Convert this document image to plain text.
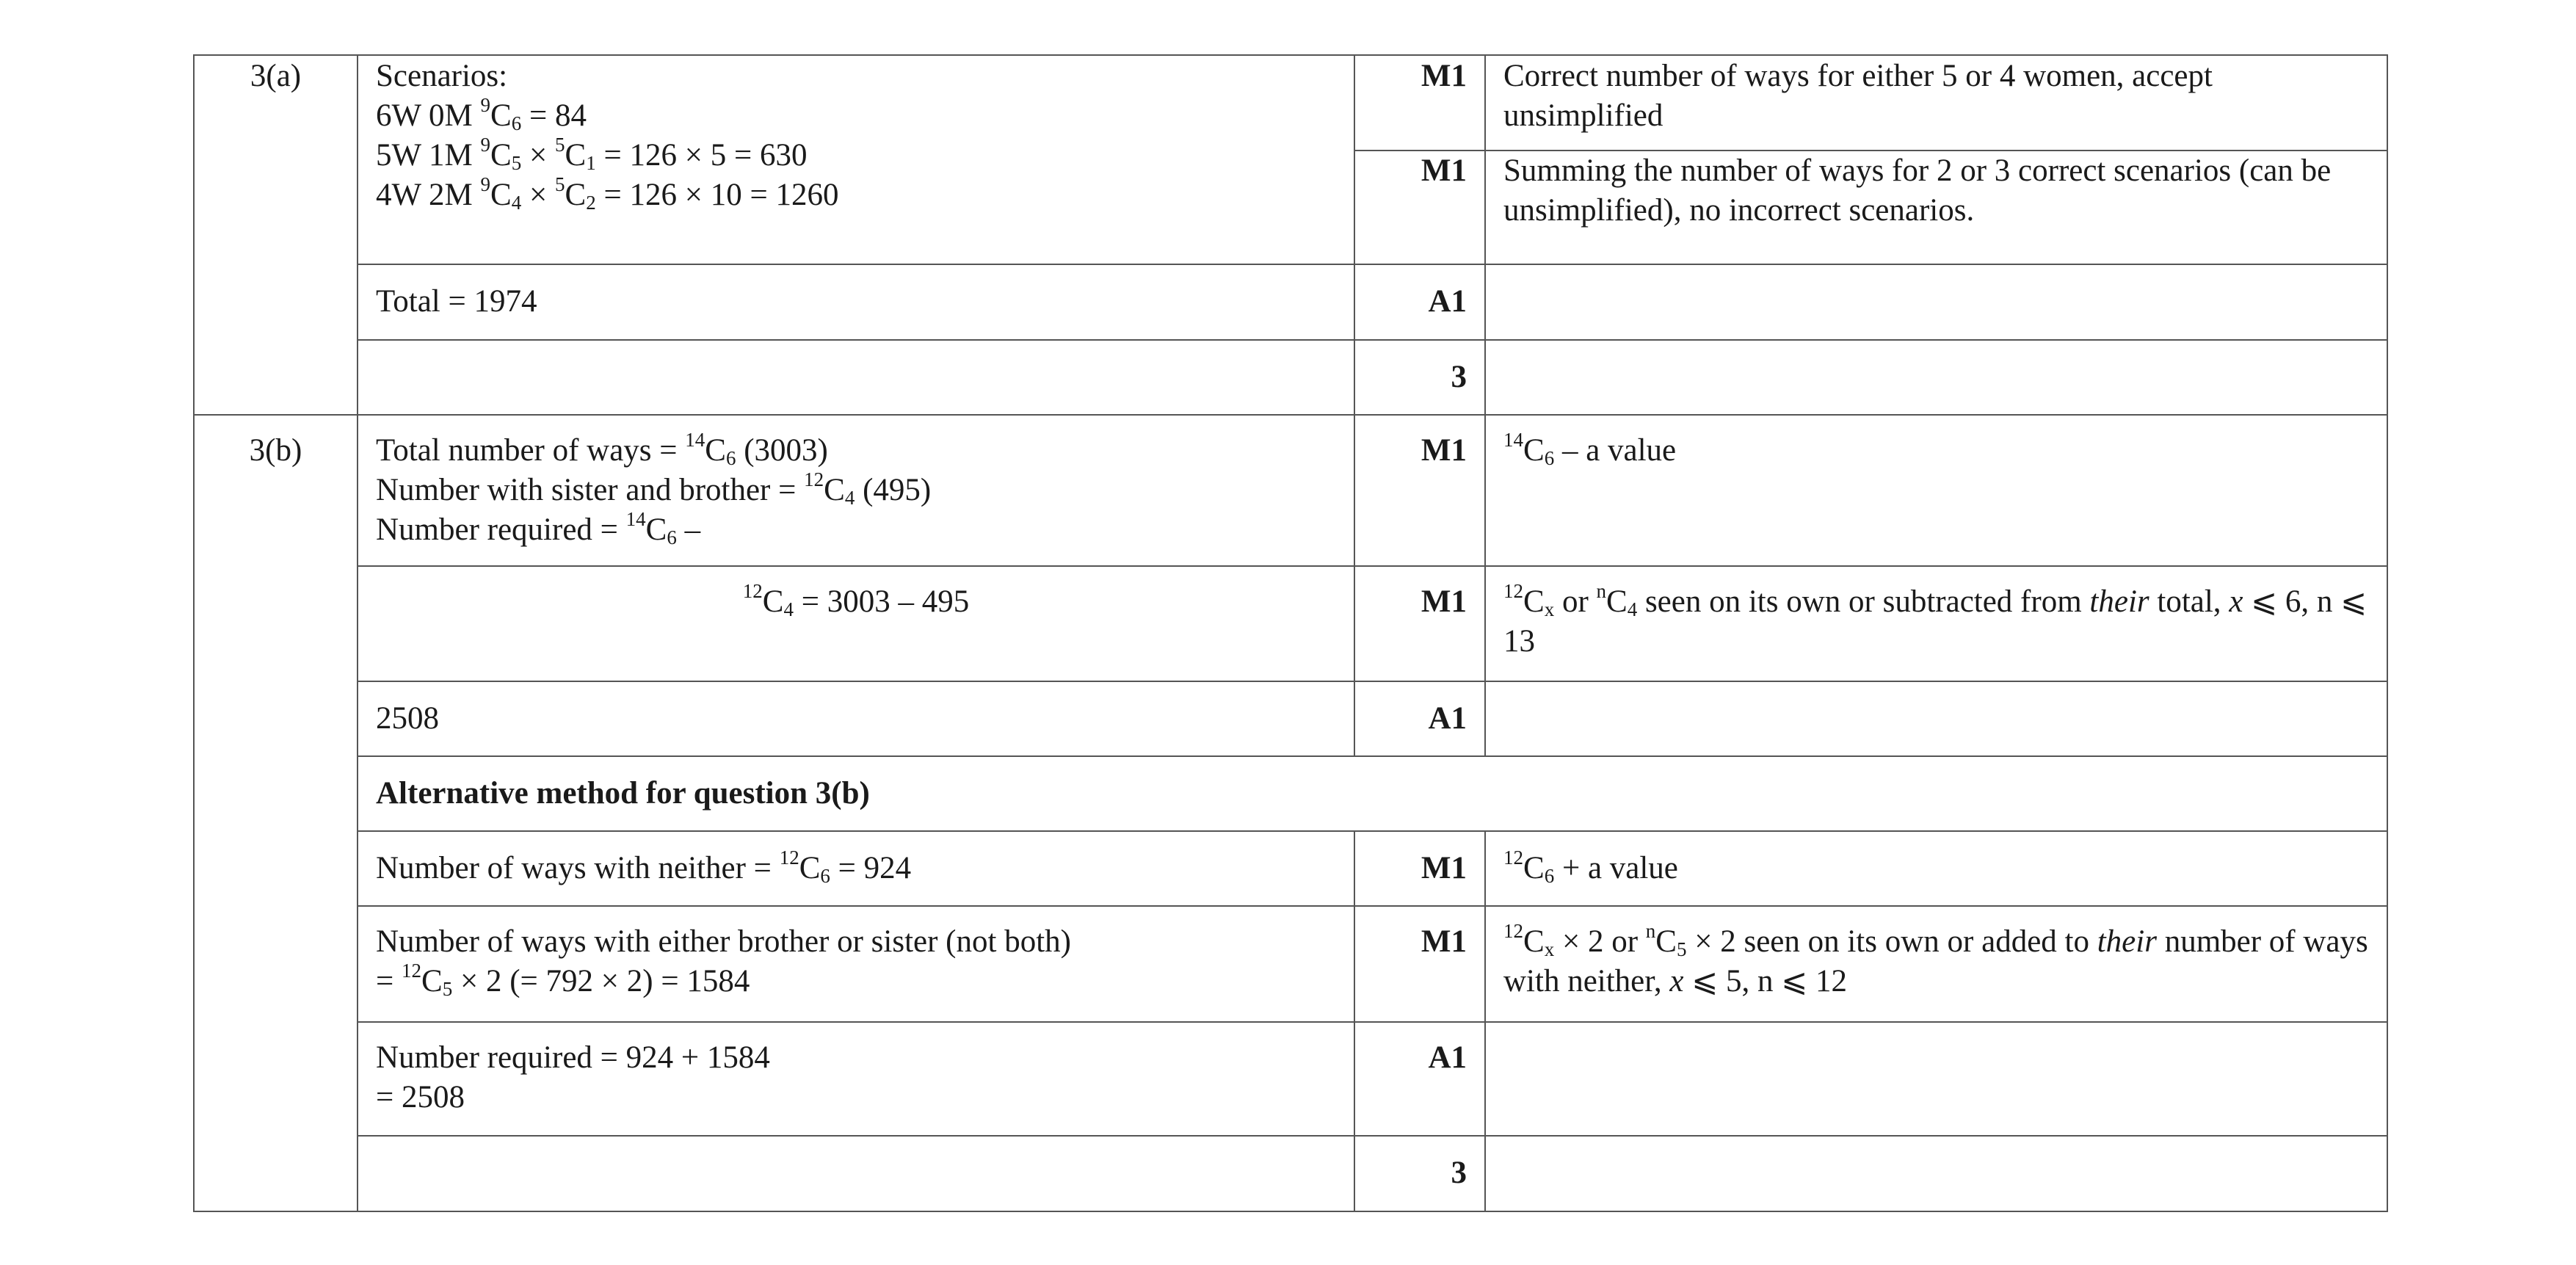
3(a)	Scenarios:
6W 0M $^9C_6 = 84$
5W 1M $^9C_5 \times ^5C_1 = 126 \times 5 = 630$
4W 2M $^9C_4 \times ^5C_2 = 126 \times 10 = 1260$	M1	Correct number of ways for either 5 or 4 women, accept unsimplified
		M1	Summing the number of ways for 2 or 3 correct scenarios (can be unsimplified), no incorrect scenarios.
	Total = 1974	A1	
		3	
3(b)	Total number of ways = $^{14}C_6$ (3003)
Number with sister and brother = $^{12}C_4$ (495)
Number required = $^{14}C_6$ –	M1	$^{14}C_6$ – a value
	$^{12}C_4 = 3003 - 495$	M1	$^{12}C_x$ or $^nC_4$ seen on its own or subtracted from their total, x ⩽ 6, n ⩽ 13
	2508	A1	
	Alternative method for question 3(b)		
	Number of ways with neither = $^{12}C_6 = 924$	M1	$^{12}C_6 + a$ value

	Number of ways with either brother or sister (not both)
= $^{12}C_5 \times 2$ (= 792 × 2) = 1584	M1	$^{12}C_x \times 2$ or $^nC_5 \times 2$ seen on its own or added to their number of ways with neither, x ⩽ 5, n ⩽ 12

	Number required = 924 + 1584
= 2508	A1	
		3	
